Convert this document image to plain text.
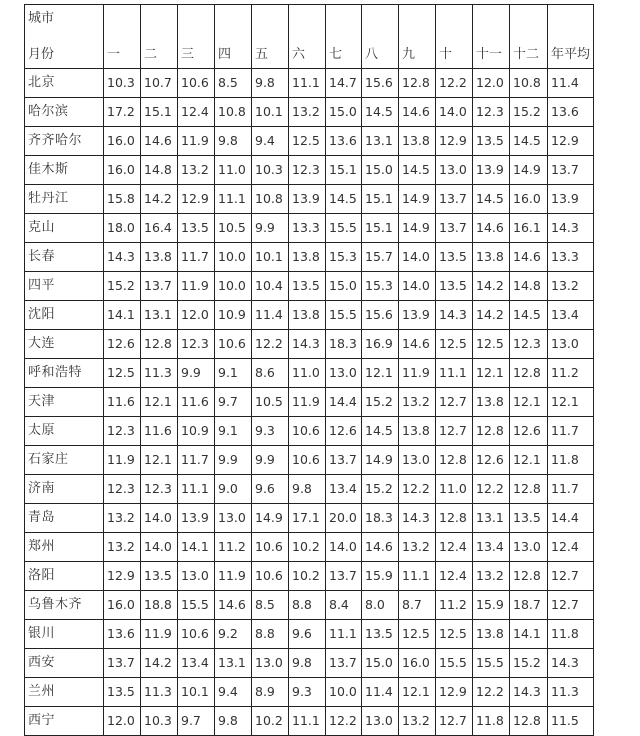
城市
月份	一	二	三	四	五	六	七	八	九	十	十一	十二	年平均
北京	10.3	10.7	10.6	8.5	9.8	11.1	14.7	15.6	12.8	12.2	12.0	10.8	11.4
哈尔滨	17.2	15.1	12.4	10.8	10.1	13.2	15.0	14.5	14.6	14.0	12.3	15.2	13.6
齐齐哈尔	16.0	14.6	11.9	9.8	9.4	12.5	13.6	13.1	13.8	12.9	13.5	14.5	12.9
佳木斯	16.0	14.8	13.2	11.0	10.3	12.3	15.1	15.0	14.5	13.0	13.9	14.9	13.7
牡丹江	15.8	14.2	12.9	11.1	10.8	13.9	14.5	15.1	14.9	13.7	14.5	16.0	13.9
克山	18.0	16.4	13.5	10.5	9.9	13.3	15.5	15.1	14.9	13.7	14.6	16.1	14.3
长春	14.3	13.8	11.7	10.0	10.1	13.8	15.3	15.7	14.0	13.5	13.8	14.6	13.3
四平	15.2	13.7	11.9	10.0	10.4	13.5	15.0	15.3	14.0	13.5	14.2	14.8	13.2
沈阳	14.1	13.1	12.0	10.9	11.4	13.8	15.5	15.6	13.9	14.3	14.2	14.5	13.4
大连	12.6	12.8	12.3	10.6	12.2	14.3	18.3	16.9	14.6	12.5	12.5	12.3	13.0
呼和浩特	12.5	11.3	9.9	9.1	8.6	11.0	13.0	12.1	11.9	11.1	12.1	12.8	11.2
天津	11.6	12.1	11.6	9.7	10.5	11.9	14.4	15.2	13.2	12.7	13.8	12.1	12.1
太原	12.3	11.6	10.9	9.1	9.3	10.6	12.6	14.5	13.8	12.7	12.8	12.6	11.7
石家庄	11.9	12.1	11.7	9.9	9.9	10.6	13.7	14.9	13.0	12.8	12.6	12.1	11.8
济南	12.3	12.3	11.1	9.0	9.6	9.8	13.4	15.2	12.2	11.0	12.2	12.8	11.7
青岛	13.2	14.0	13.9	13.0	14.9	17.1	20.0	18.3	14.3	12.8	13.1	13.5	14.4
郑州	13.2	14.0	14.1	11.2	10.6	10.2	14.0	14.6	13.2	12.4	13.4	13.0	12.4
洛阳	12.9	13.5	13.0	11.9	10.6	10.2	13.7	15.9	11.1	12.4	13.2	12.8	12.7
乌鲁木齐	16.0	18.8	15.5	14.6	8.5	8.8	8.4	8.0	8.7	11.2	15.9	18.7	12.7
银川	13.6	11.9	10.6	9.2	8.8	9.6	11.1	13.5	12.5	12.5	13.8	14.1	11.8
西安	13.7	14.2	13.4	13.1	13.0	9.8	13.7	15.0	16.0	15.5	15.5	15.2	14.3
兰州	13.5	11.3	10.1	9.4	8.9	9.3	10.0	11.4	12.1	12.9	12.2	14.3	11.3
西宁	12.0	10.3	9.7	9.8	10.2	11.1	12.2	13.0	13.2	12.7	11.8	12.8	11.5
